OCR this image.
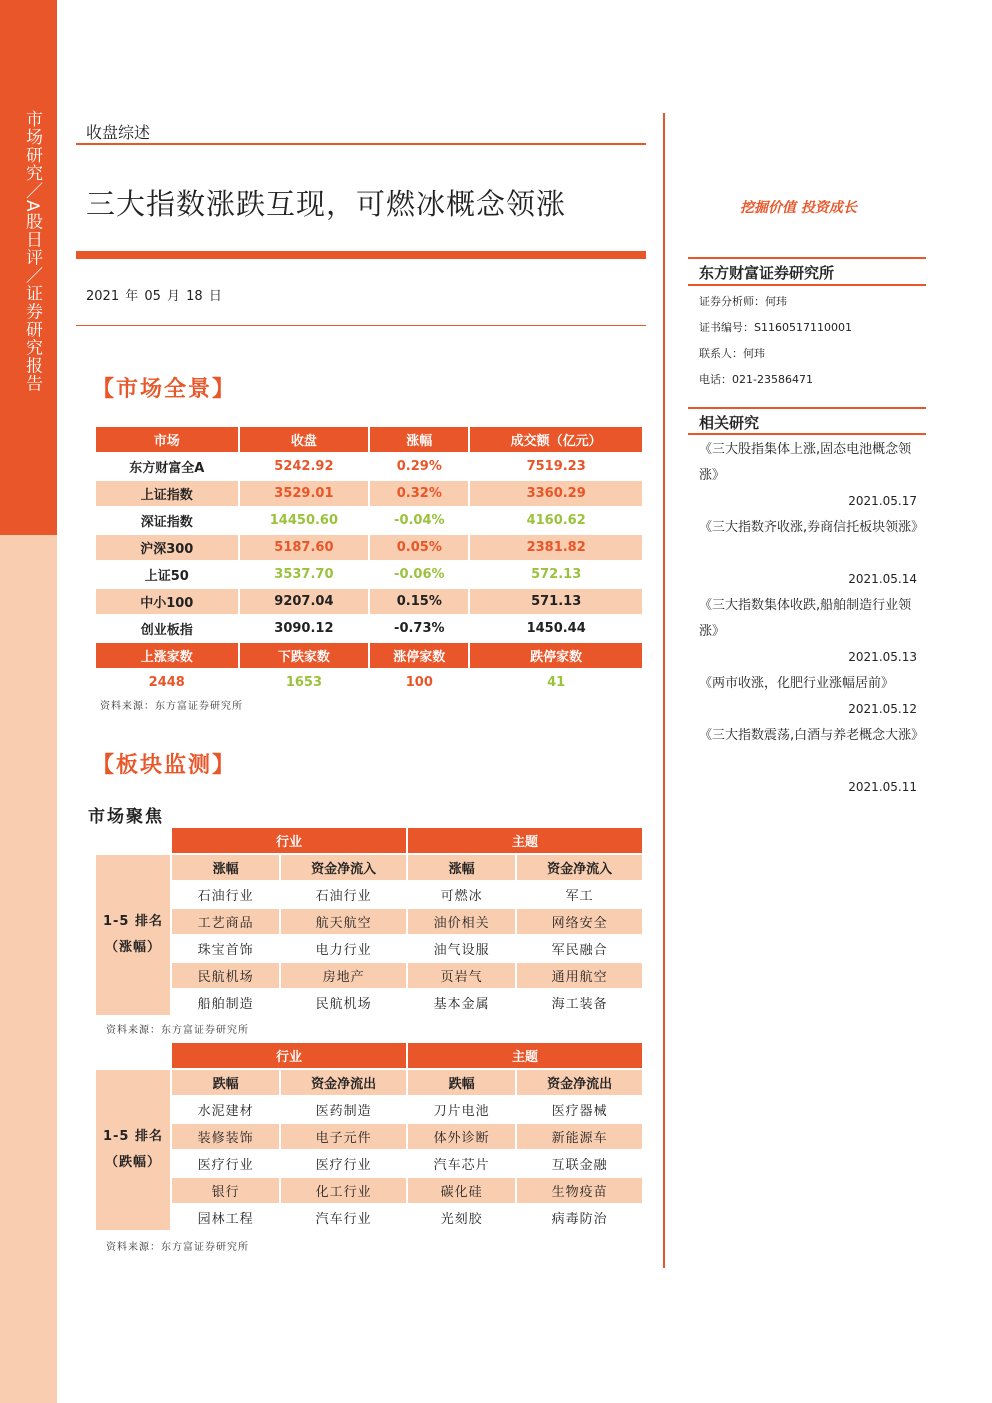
市场研究／A股日评／证券研究报告	收盘综述
三大指数涨跌互现，可燃冰概念领涨
2021 年 05 月 18 日
【市场全景】
市场	收盘	涨幅	成交额（亿元）
东方财富全A	5242.92	0.29%	7519.23
上证指数	3529.01	0.32%	3360.29
深证指数	14450.60	-0.04%	4160.62
沪深300	5187.60	0.05%	2381.82
上证50	3537.70	-0.06%	572.13
中小100	9207.04	0.15%	571.13
创业板指	3090.12	-0.73%	1450.44
上涨家数	下跌家数	涨停家数	跌停家数
2448	1653	100	41
资料来源：东方富证券研究所
【板块监测】
市场聚焦
	行业		主题	

1-5 排名
（涨幅）	涨幅	资金净流入	涨幅	资金净流入
	石油行业	石油行业	可燃冰	军工
	工艺商品	航天航空	油价相关	网络安全
	珠宝首饰	电力行业	油气设服	军民融合
	民航机场	房地产	页岩气	通用航空
	船舶制造	民航机场	基本金属	海工装备
资料来源：东方富证券研究所
	行业		主题	

1-5 排名
（跌幅）	跌幅	资金净流出	跌幅	资金净流出
	水泥建材	医药制造	刀片电池	医疗器械
	装修装饰	电子元件	体外诊断	新能源车
	医疗行业	医疗行业	汽车芯片	互联金融
	银行	化工行业	碳化硅	生物疫苗
	园林工程	汽车行业	光刻胶	病毒防治
资料来源：东方富证券研究所
挖掘价值 投资成长
东方财富证券研究所
证券分析师：何玮
证书编号：S1160517110001
联系人：何玮
电话：021-23586471
相关研究
《三大股指集体上涨,固态电池概念领涨》
2021.05.17
《三大指数齐收涨,券商信托板块领涨》
2021.05.14
《三大指数集体收跌,船舶制造行业领涨》
2021.05.13
《两市收涨，化肥行业涨幅居前》
2021.05.12
《三大指数震荡,白酒与养老概念大涨》
2021.05.11
